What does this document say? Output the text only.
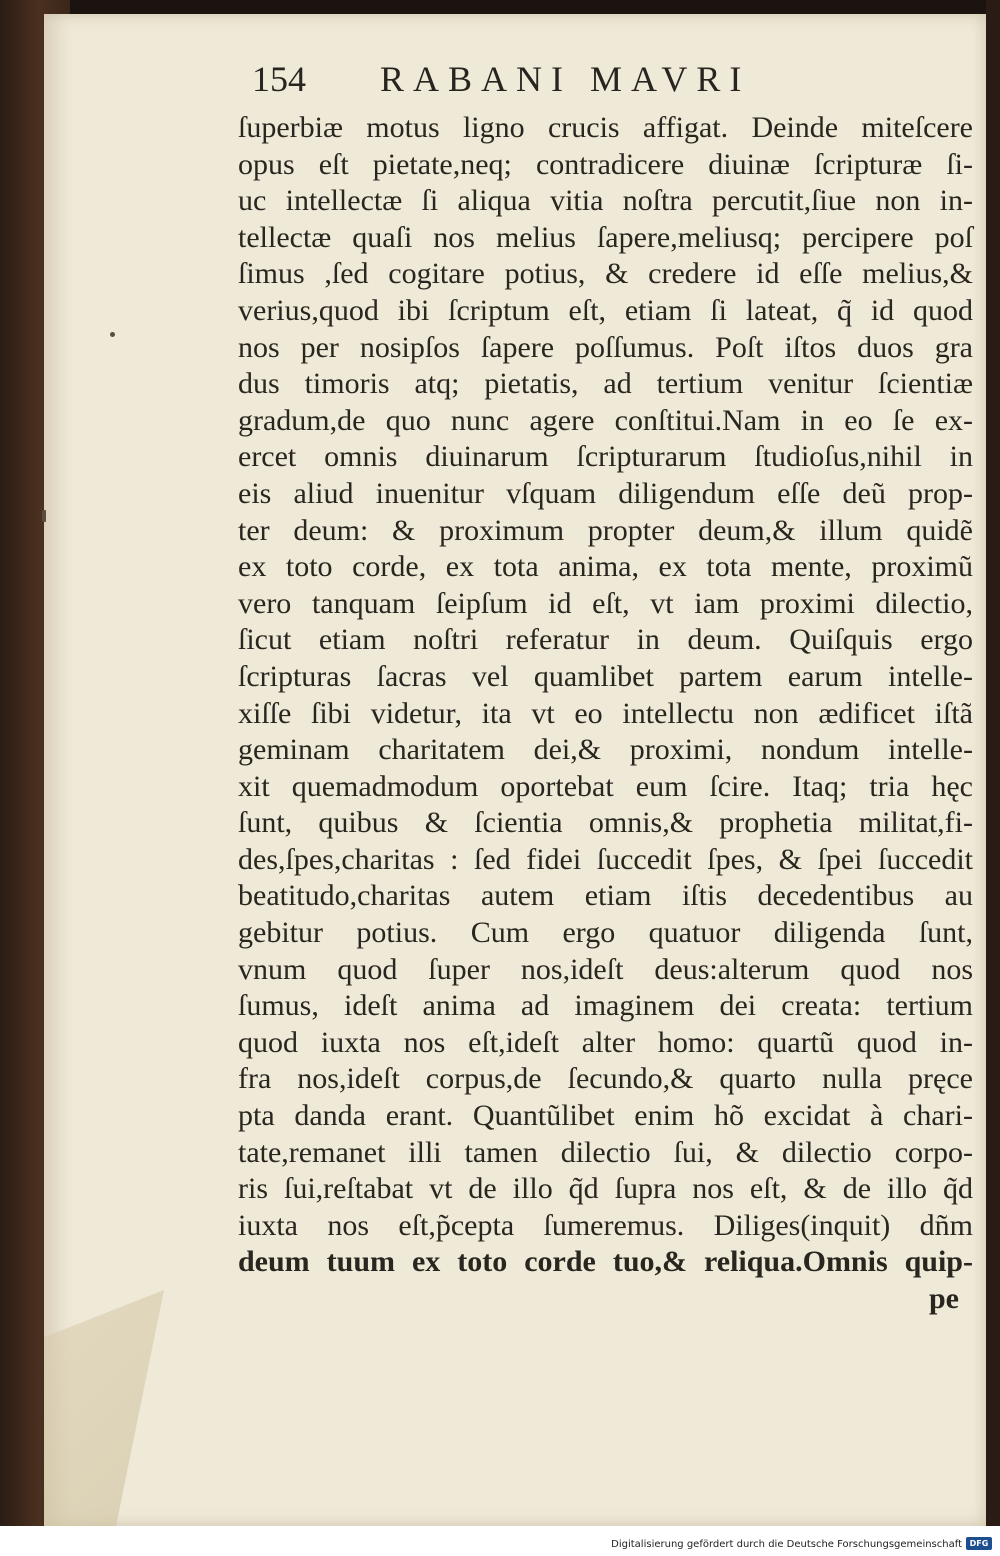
154 RABANI MAVRI
ſuperbiæ motus ligno crucis affigat. Deinde miteſcere
opus eſt pietate,neq; contradicere diuinæ ſcripturæ ſi-
uc intellectæ ſi aliqua vitia noſtra percutit,ſiue non in-
tellectæ quaſi nos melius ſapere,meliusq; percipere poſ
ſimus ,ſed cogitare potius, & credere id eſſe melius,&
verius,quod ibi ſcriptum eſt, etiam ſi lateat, q̃ id quod
nos per nosipſos ſapere poſſumus. Poſt iſtos duos gra
dus timoris atq; pietatis, ad tertium venitur ſcientiæ
gradum,de quo nunc agere conſtitui.Nam in eo ſe ex-
ercet omnis diuinarum ſcripturarum ſtudioſus,nihil in
eis aliud inuenitur vſquam diligendum eſſe deũ prop-
ter deum: & proximum propter deum,& illum quidẽ
ex toto corde, ex tota anima, ex tota mente, proximũ
vero tanquam ſeipſum id eſt, vt iam proximi dilectio,
ſicut etiam noſtri referatur in deum. Quiſquis ergo
ſcripturas ſacras vel quamlibet partem earum intelle-
xiſſe ſibi videtur, ita vt eo intellectu non ædificet iſtã
geminam charitatem dei,& proximi, nondum intelle-
xit quemadmodum oportebat eum ſcire. Itaq; tria hęc
ſunt, quibus & ſcientia omnis,& prophetia militat,fi-
des,ſpes,charitas : ſed fidei ſuccedit ſpes, & ſpei ſuccedit
beatitudo,charitas autem etiam iſtis decedentibus au
gebitur potius. Cum ergo quatuor diligenda ſunt,
vnum quod ſuper nos,ideſt deus:alterum quod nos
ſumus, ideſt anima ad imaginem dei creata: tertium
quod iuxta nos eſt,ideſt alter homo: quartũ quod in-
fra nos,ideſt corpus,de ſecundo,& quarto nulla pręce
pta danda erant. Quantũlibet enim hõ excidat à chari-
tate,remanet illi tamen dilectio ſui, & dilectio corpo-
ris ſui,reſtabat vt de illo q̃d ſupra nos eſt, & de illo q̃d
iuxta nos eſt,p̃cepta ſumeremus. Diliges(inquit) dñm
deum tuum ex toto corde tuo,& reliqua.Omnis quip-
pe
Digitalisierung gefördert durch die Deutsche Forschungsgemeinschaft DFG
